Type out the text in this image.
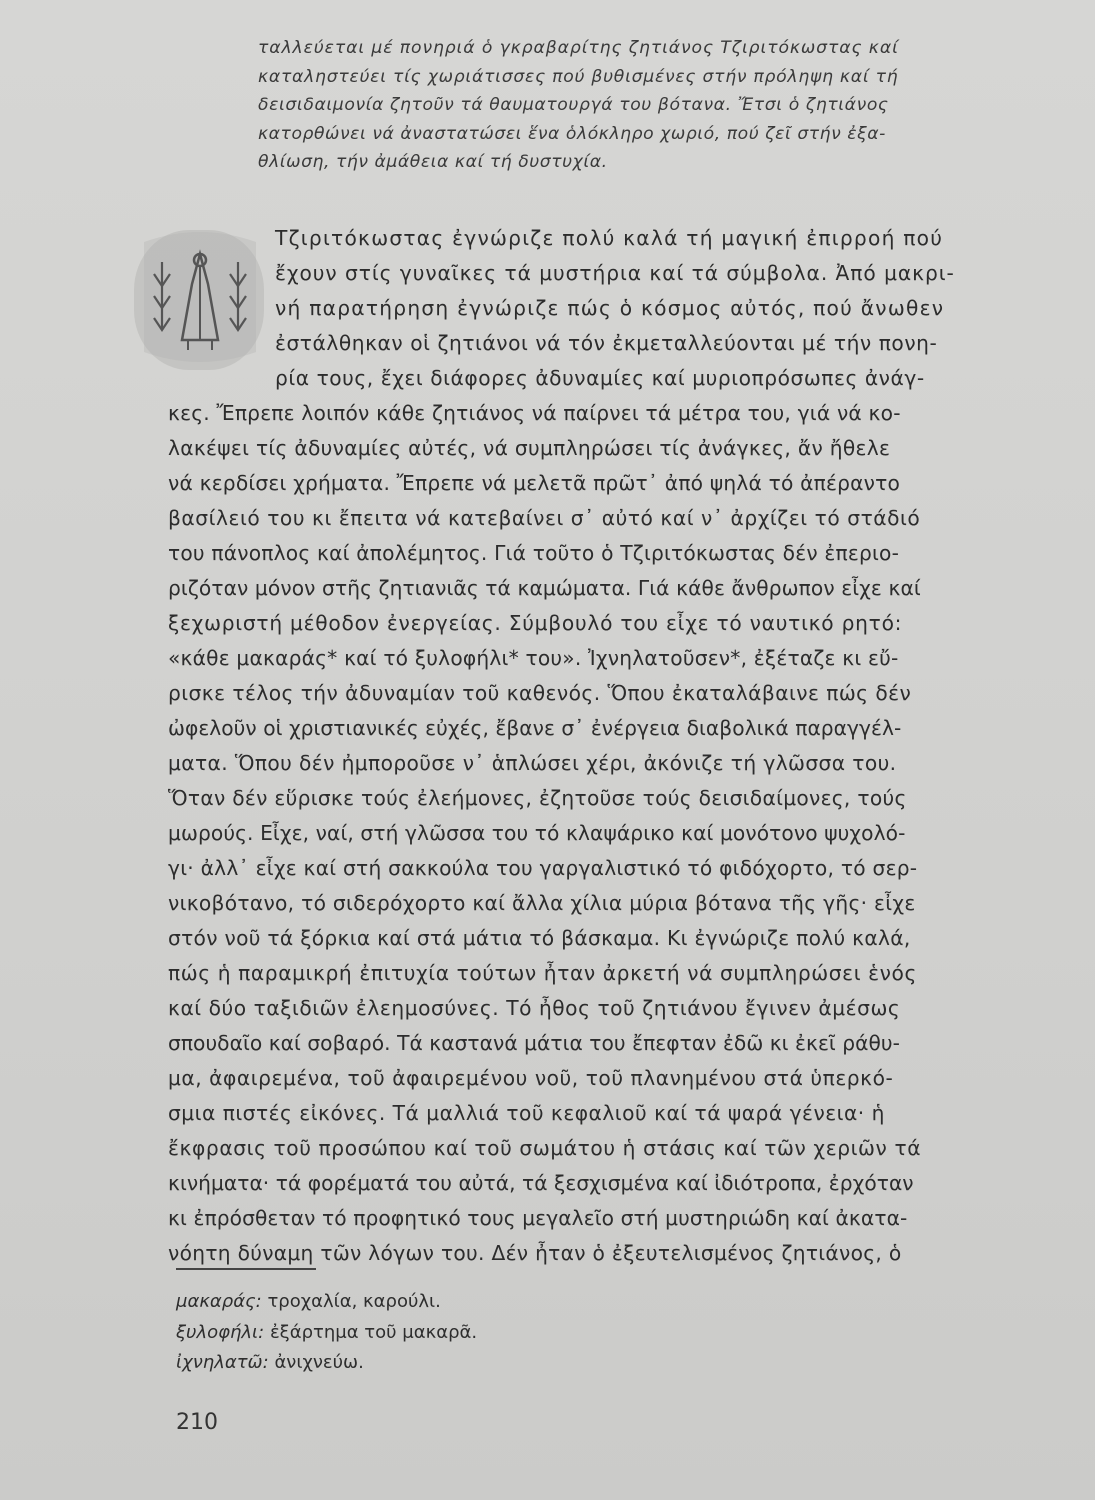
ταλλεύεται μέ πονηριά ὁ γκραβαρίτης ζητιάνος Τζιριτόκωστας καί
καταληστεύει τίς χωριάτισσες πού βυθισμένες στήν πρόληψη καί τή
δεισιδαιμονία ζητοῦν τά θαυματουργά του βότανα. Ἔτσι ὁ ζητιάνος
κατορθώνει νά ἀναστατώσει ἕνα ὁλόκληρο χωριό, πού ζεῖ στήν ἐξα-
θλίωση, τήν ἀμάθεια καί τή δυστυχία.
Τζιριτόκωστας ἐγνώριζε πολύ καλά τή μαγική ἐπιρροή πού
ἔχουν στίς γυναῖκες τά μυστήρια καί τά σύμβολα. Ἀπό μακρι-
νή παρατήρηση ἐγνώριζε πώς ὁ κόσμος αὐτός, πού ἄνωθεν
ἐστάλθηκαν οἱ ζητιάνοι νά τόν ἐκμεταλλεύονται μέ τήν πονη-
ρία τους, ἔχει διάφορες ἀδυναμίες καί μυριοπρόσωπες ἀνάγ-
κες. Ἔπρεπε λοιπόν κάθε ζητιάνος νά παίρνει τά μέτρα του, γιά νά κο-
λακέψει τίς ἀδυναμίες αὐτές, νά συμπληρώσει τίς ἀνάγκες, ἄν ἤθελε
νά κερδίσει χρήματα. Ἔπρεπε νά μελετᾶ πρῶτ᾽ ἀπό ψηλά τό ἀπέραντο
βασίλειό του κι ἔπειτα νά κατεβαίνει σ᾽ αὐτό καί ν᾽ ἀρχίζει τό στάδιό
του πάνοπλος καί ἀπολέμητος. Γιά τοῦτο ὁ Τζιριτόκωστας δέν ἐπεριο-
ριζόταν μόνον στῆς ζητιανιᾶς τά καμώματα. Γιά κάθε ἄνθρωπον εἶχε καί
ξεχωριστή μέθοδον ἐνεργείας. Σύμβουλό του εἶχε τό ναυτικό ρητό:
«κάθε μακαράς* καί τό ξυλοφήλι* του». Ἰχνηλατοῦσεν*, ἐξέταζε κι εὔ-
ρισκε τέλος τήν ἀδυναμίαν τοῦ καθενός. Ὅπου ἐκαταλάβαινε πώς δέν
ὠφελοῦν οἱ χριστιανικές εὐχές, ἔβανε σ᾽ ἐνέργεια διαβολικά παραγγέλ-
ματα. Ὅπου δέν ἠμποροῦσε ν᾽ ἁπλώσει χέρι, ἀκόνιζε τή γλῶσσα του.
Ὅταν δέν εὕρισκε τούς ἐλεήμονες, ἐζητοῦσε τούς δεισιδαίμονες, τούς
μωρούς. Εἶχε, ναί, στή γλῶσσα του τό κλαψάρικο καί μονότονο ψυχολό-
γι· ἀλλ᾽ εἶχε καί στή σακκούλα του γαργαλιστικό τό φιδόχορτο, τό σερ-
νικοβότανο, τό σιδερόχορτο καί ἄλλα χίλια μύρια βότανα τῆς γῆς· εἶχε
στόν νοῦ τά ξόρκια καί στά μάτια τό βάσκαμα. Κι ἐγνώριζε πολύ καλά,
πώς ἡ παραμικρή ἐπιτυχία τούτων ἦταν ἀρκετή νά συμπληρώσει ἑνός
καί δύο ταξιδιῶν ἐλεημοσύνες. Τό ἦθος τοῦ ζητιάνου ἔγινεν ἀμέσως
σπουδαῖο καί σοβαρό. Τά καστανά μάτια του ἔπεφταν ἐδῶ κι ἐκεῖ ράθυ-
μα, ἀφαιρεμένα, τοῦ ἀφαιρεμένου νοῦ, τοῦ πλανημένου στά ὑπερκό-
σμια πιστές εἰκόνες. Τά μαλλιά τοῦ κεφαλιοῦ καί τά ψαρά γένεια· ἡ
ἔκφρασις τοῦ προσώπου καί τοῦ σωμάτου ἡ στάσις καί τῶν χεριῶν τά
κινήματα· τά φορέματά του αὐτά, τά ξεσχισμένα καί ἰδιότροπα, ἐρχόταν
κι ἐπρόσθεταν τό προφητικό τους μεγαλεῖο στή μυστηριώδη καί ἀκατα-
νόητη δύναμη τῶν λόγων του. Δέν ἦταν ὁ ἐξευτελισμένος ζητιάνος, ὁ
μακαράς: τροχαλία, καρούλι.
ξυλοφήλι: ἐξάρτημα τοῦ μακαρᾶ.
ἰχνηλατῶ: ἀνιχνεύω.
210
